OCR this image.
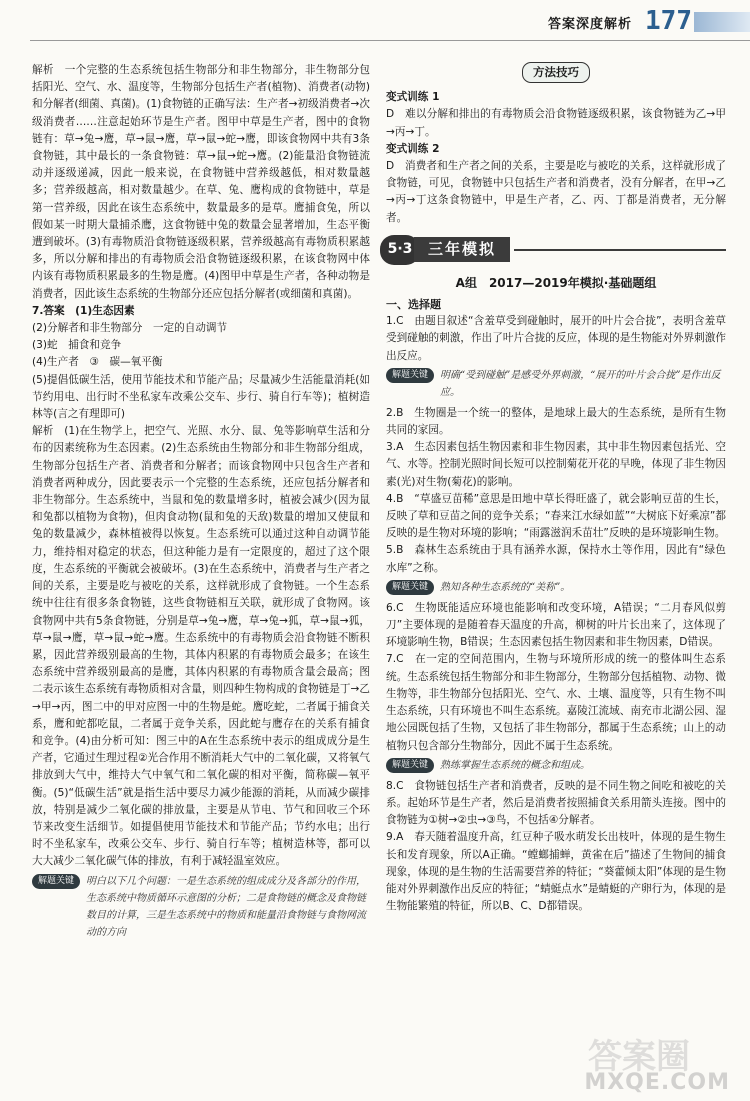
答案深度解析 177

解析　一个完整的生态系统包括生物部分和非生物部分，非生物部分包括阳光、空气、水、温度等，生物部分包括生产者(植物)、消费者(动物)和分解者(细菌、真菌)。(1)食物链的正确写法：生产者→初级消费者→次级消费者……注意起始环节是生产者。图甲中草是生产者，图中的食物链有：草→兔→鹰，草→鼠→鹰，草→鼠→蛇→鹰，即该食物网中共有3条食物链，其中最长的一条食物链：草→鼠→蛇→鹰。(2)能量沿食物链流动并逐级递减，因此一般来说，在食物链中营养级越低，相对数量越多；营养级越高，相对数量越少。在草、兔、鹰构成的食物链中，草是第一营养级，因此在该生态系统中，数量最多的是草。鹰捕食兔，所以假如某一时期大量捕杀鹰，这食物链中兔的数量会显著增加，生态平衡遭到破坏。(3)有毒物质沿食物链逐级积累，营养级越高有毒物质积累越多，所以分解和排出的有毒物质会沿食物链逐级积累，在该食物网中体内该有毒物质积累最多的生物是鹰。(4)图甲中草是生产者，各种动物是消费者，因此该生态系统的生物部分还应包括分解者(或细菌和真菌)。

7.答案　(1)生态因素

(2)分解者和非生物部分　一定的自动调节

(3)蛇　捕食和竞争

(4)生产者　③　碳—氧平衡

(5)提倡低碳生活，使用节能技术和节能产品；尽量减少生活能量消耗(如节约用电、出行时不坐私家车改乘公交车、步行、骑自行车等)；植树造林等(言之有理即可)

解析　(1)在生物学上，把空气、光照、水分、鼠、兔等影响草生活和分布的因素统称为生态因素。(2)生态系统由生物部分和非生物部分组成，生物部分包括生产者、消费者和分解者；而该食物网中只包含生产者和消费者两种成分，因此要表示一个完整的生态系统，还应包括分解者和非生物部分。生态系统中，当鼠和兔的数量增多时，植被会减少(因为鼠和兔都以植物为食物)，但肉食动物(鼠和兔的天敌)数量的增加又使鼠和兔的数量减少，森林植被得以恢复。生态系统可以通过这种自动调节能力，维持相对稳定的状态，但这种能力是有一定限度的，超过了这个限度，生态系统的平衡就会被破坏。(3)在生态系统中，消费者与生产者之间的关系，主要是吃与被吃的关系，这样就形成了食物链。一个生态系统中往往有很多条食物链，这些食物链相互关联，就形成了食物网。该食物网中共有5条食物链，分别是草→兔→鹰，草→兔→狐，草→鼠→狐，草→鼠→鹰，草→鼠→蛇→鹰。生态系统中的有毒物质会沿食物链不断积累，因此营养级别最高的生物，其体内积累的有毒物质会最多；在该生态系统中营养级别最高的是鹰，其体内积累的有毒物质含量会最高；图二表示该生态系统有毒物质相对含量，则四种生物构成的食物链是丁→乙→甲→丙，图二中的甲对应图一中的生物是蛇。鹰吃蛇，二者属于捕食关系，鹰和蛇都吃鼠，二者属于竞争关系，因此蛇与鹰存在的关系有捕食和竞争。(4)由分析可知：图三中的A在生态系统中表示的组成成分是生产者，它通过生理过程②光合作用不断消耗大气中的二氧化碳，又将氧气排放到大气中，维持大气中氧气和二氧化碳的相对平衡，简称碳—氧平衡。(5)“低碳生活”就是指生活中要尽力减少能源的消耗，从而减少碳排放，特别是减少二氧化碳的排放量，主要是从节电、节气和回收三个环节来改变生活细节。如提倡使用节能技术和节能产品；节约水电；出行时不坐私家车，改乘公交车、步行、骑自行车等；植树造林等，都可以大大减少二氧化碳气体的排放，有利于减轻温室效应。

解题关键	明白以下几个问题：一是生态系统的组成成分及各部分的作用，生态系统中物质循环示意图的分析；二是食物链的概念及食物链数目的计算，三是生态系统中的物质和能量沿食物链与食物网流动的方向
方法技巧

变式训练 1

D　难以分解和排出的有毒物质会沿食物链逐级积累，该食物链为乙→甲→丙→丁。

变式训练 2

D　消费者和生产者之间的关系，主要是吃与被吃的关系，这样就形成了食物链，可见，食物链中只包括生产者和消费者，没有分解者，在甲→乙→丙→丁这条食物链中，甲是生产者，乙、丙、丁都是消费者，无分解者。

5·3	三年模拟
A组　2017—2019年模拟·基础题组

一、选择题

1.C　由题目叙述“含羞草受到碰触时，展开的叶片会合拢”，表明含羞草受到碰触的刺激，作出了叶片合拢的反应，体现的是生物能对外界刺激作出反应。

解题关键	明确“受到碰触”是感受外界刺激，“展开的叶片会合拢”是作出反应。

2.B　生物圈是一个统一的整体，是地球上最大的生态系统，是所有生物共同的家园。

3.A　生态因素包括生物因素和非生物因素，其中非生物因素包括光、空气、水等。控制光照时间长短可以控制菊花开花的早晚，体现了非生物因素(光)对生物(菊花)的影响。

4.B　“草盛豆苗稀”意思是田地中草长得旺盛了，就会影响豆苗的生长，反映了草和豆苗之间的竞争关系；“春来江水绿如蓝”“大树底下好乘凉”都反映的是生物对环境的影响；“雨露滋润禾苗壮”反映的是环境影响生物。

5.B　森林生态系统由于具有涵养水源，保持水土等作用，因此有“绿色水库”之称。

解题关键	熟知各种生态系统的“美称”。

6.C　生物既能适应环境也能影响和改变环境，A错误；“二月春风似剪刀”主要体现的是随着春天温度的升高，柳树的叶片长出来了，这体现了环境影响生物，B错误；生态因素包括生物因素和非生物因素，D错误。

7.C　在一定的空间范围内，生物与环境所形成的统一的整体叫生态系统。生态系统包括生物部分和非生物部分，生物部分包括植物、动物、微生物等，非生物部分包括阳光、空气、水、土壤、温度等，只有生物不叫生态系统，只有环境也不叫生态系统。嘉陵江流域、南充市北湖公园、湿地公园既包括了生物，又包括了非生物部分，都属于生态系统；山上的动植物只包含部分生物部分，因此不属于生态系统。

解题关键	熟练掌握生态系统的概念和组成。

8.C　食物链包括生产者和消费者，反映的是不同生物之间吃和被吃的关系。起始环节是生产者，然后是消费者按照捕食关系用箭头连接。图中的食物链为①树→②虫→③鸟，不包括④分解者。

9.A　春天随着温度升高，红豆种子吸水萌发长出枝叶，体现的是生物生长和发育现象，所以A正确。“螳螂捕蝉，黄雀在后”描述了生物间的捕食现象，体现的是生物的生活需要营养的特征；“葵藿倾太阳”体现的是生物能对外界刺激作出反应的特征；“蜻蜓点水”是蜻蜓的产卵行为，体现的是生物能繁殖的特征，所以B、C、D都错误。

答案圈
MXQE.COM
